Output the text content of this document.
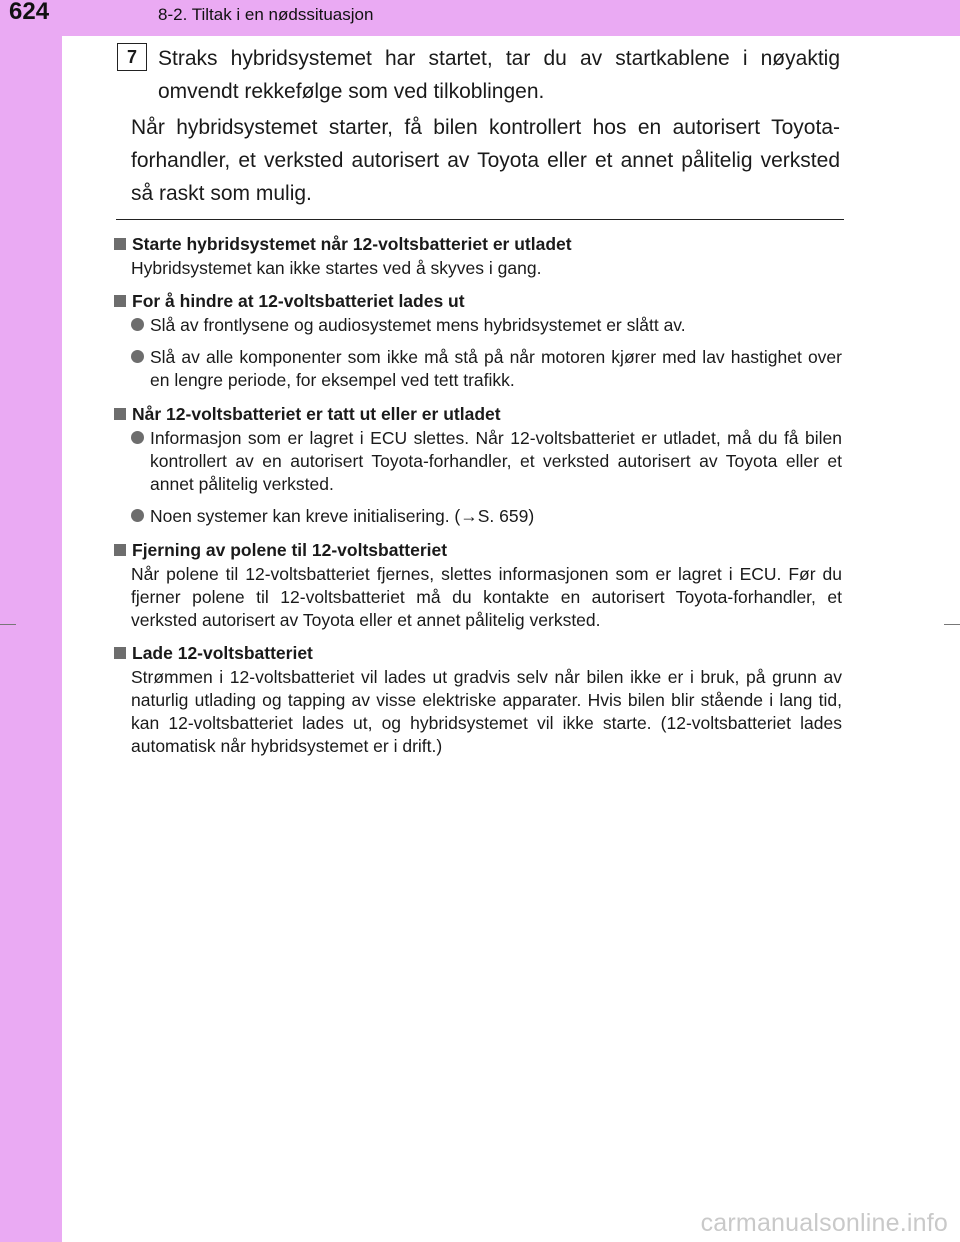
624	8-2. Tiltak i en nødssituasjon
7	Straks hybridsystemet har startet, tar du av startkablene i nøyaktig omvendt rekkefølge som ved tilkoblingen.
Når hybridsystemet starter, få bilen kontrollert hos en autorisert Toyota-forhandler, et verksted autorisert av Toyota eller et annet pålitelig verksted så raskt som mulig.
Starte hybridsystemet når 12-voltsbatteriet er utladet
Hybridsystemet kan ikke startes ved å skyves i gang.
For å hindre at 12-voltsbatteriet lades ut
Slå av frontlysene og audiosystemet mens hybridsystemet er slått av.
Slå av alle komponenter som ikke må stå på når motoren kjører med lav hastighet over en lengre periode, for eksempel ved tett trafikk.
Når 12-voltsbatteriet er tatt ut eller er utladet
Informasjon som er lagret i ECU slettes. Når 12-voltsbatteriet er utladet, må du få bilen kontrollert av en autorisert Toyota-forhandler, et verksted autorisert av Toyota eller et annet pålitelig verksted.
Noen systemer kan kreve initialisering. (→S. 659)
Fjerning av polene til 12-voltsbatteriet
Når polene til 12-voltsbatteriet fjernes, slettes informasjonen som er lagret i ECU. Før du fjerner polene til 12-voltsbatteriet må du kontakte en autorisert Toyota-forhandler, et verksted autorisert av Toyota eller et annet pålitelig verksted.
Lade 12-voltsbatteriet
Strømmen i 12-voltsbatteriet vil lades ut gradvis selv når bilen ikke er i bruk, på grunn av naturlig utlading og tapping av visse elektriske apparater. Hvis bilen blir stående i lang tid, kan 12-voltsbatteriet lades ut, og hybridsystemet vil ikke starte. (12-voltsbatteriet lades automatisk når hybridsystemet er i drift.)
carmanualsonline.info
